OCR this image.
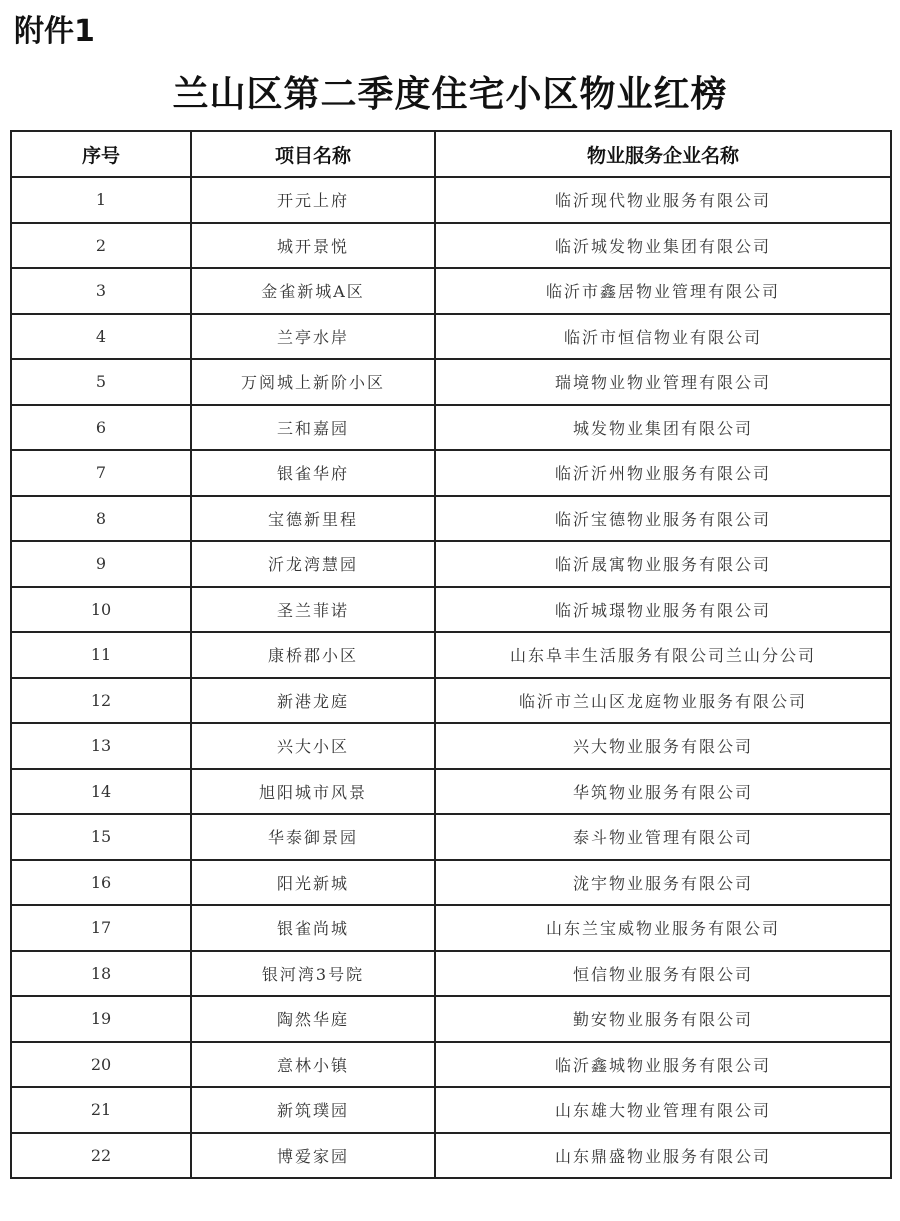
附件1
兰山区第二季度住宅小区物业红榜
序号	项目名称	物业服务企业名称
1	开元上府	临沂现代物业服务有限公司
2	城开景悦	临沂城发物业集团有限公司
3	金雀新城A区	临沂市鑫居物业管理有限公司
4	兰亭水岸	临沂市恒信物业有限公司
5	万阅城上新阶小区	瑞境物业物业管理有限公司
6	三和嘉园	城发物业集团有限公司
7	银雀华府	临沂沂州物业服务有限公司
8	宝德新里程	临沂宝德物业服务有限公司
9	沂龙湾慧园	临沂晟寓物业服务有限公司
10	圣兰菲诺	临沂城璟物业服务有限公司
11	康桥郡小区	山东阜丰生活服务有限公司兰山分公司
12	新港龙庭	临沂市兰山区龙庭物业服务有限公司
13	兴大小区	兴大物业服务有限公司
14	旭阳城市风景	华筑物业服务有限公司
15	华泰御景园	泰斗物业管理有限公司
16	阳光新城	泷宇物业服务有限公司
17	银雀尚城	山东兰宝威物业服务有限公司
18	银河湾3号院	恒信物业服务有限公司
19	陶然华庭	勤安物业服务有限公司
20	意林小镇	临沂鑫城物业服务有限公司
21	新筑璞园	山东雄大物业管理有限公司
22	博爱家园	山东鼎盛物业服务有限公司
